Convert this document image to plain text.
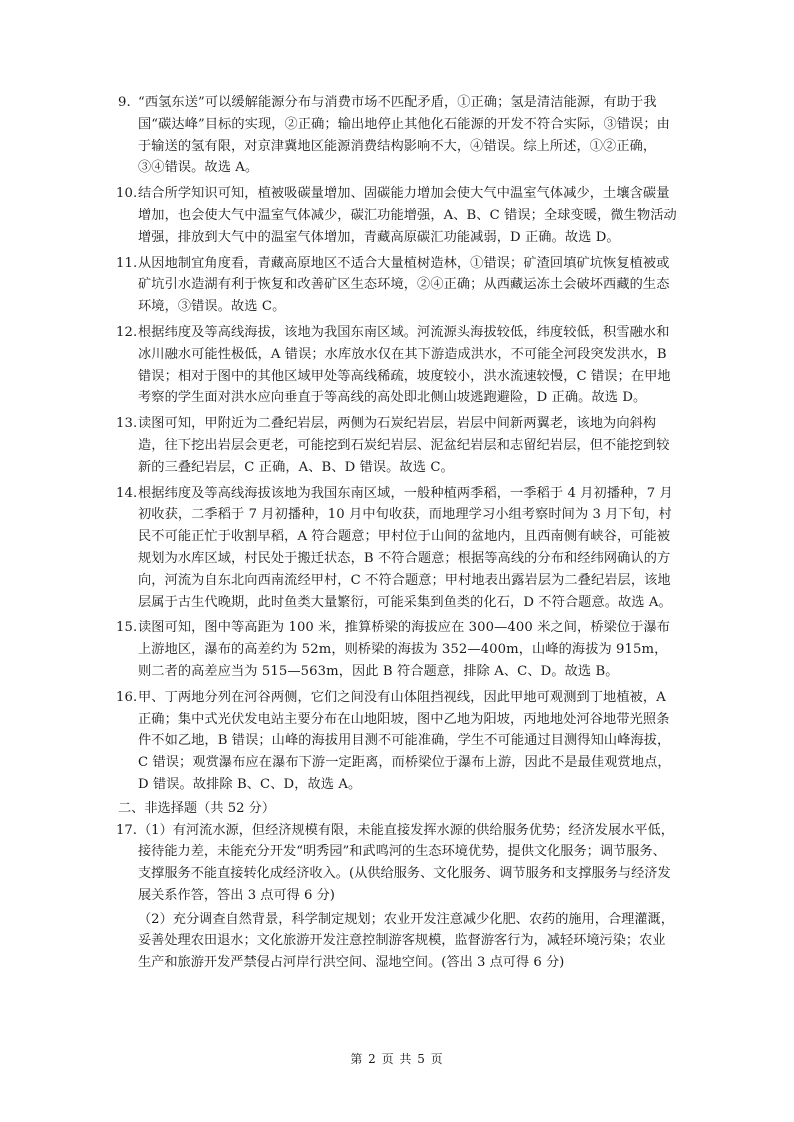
9. “西氢东送”可以缓解能源分布与消费市场不匹配矛盾，①正确；氢是清洁能源，有助于我国“碳达峰”目标的实现，②正确；输出地停止其他化石能源的开发不符合实际，③错误；由于输送的氢有限，对京津冀地区能源消费结构影响不大，④错误。综上所述，①②正确，③④错误。故选 A。
10. 结合所学知识可知，植被吸碳量增加、固碳能力增加会使大气中温室气体减少，土壤含碳量增加，也会使大气中温室气体减少，碳汇功能增强，A、B、C 错误；全球变暖，微生物活动增强，排放到大气中的温室气体增加，青藏高原碳汇功能减弱，D 正确。故选 D。
11. 从因地制宜角度看，青藏高原地区不适合大量植树造林，①错误；矿渣回填矿坑恢复植被或矿坑引水造湖有利于恢复和改善矿区生态环境，②④正确；从西藏运冻土会破坏西藏的生态环境，③错误。故选 C。
12. 根据纬度及等高线海拔，该地为我国东南区域。河流源头海拔较低，纬度较低，积雪融水和冰川融水可能性极低，A 错误；水库放水仅在其下游造成洪水，不可能全河段突发洪水，B 错误；相对于图中的其他区域甲处等高线稀疏，坡度较小，洪水流速较慢，C 错误；在甲地考察的学生面对洪水应向垂直于等高线的高处即北侧山坡逃跑避险，D 正确。故选 D。
13. 读图可知，甲附近为二叠纪岩层，两侧为石炭纪岩层，岩层中间新两翼老，该地为向斜构造，往下挖出岩层会更老，可能挖到石炭纪岩层、泥盆纪岩层和志留纪岩层，但不能挖到较新的三叠纪岩层，C 正确，A、B、D 错误。故选 C。
14. 根据纬度及等高线海拔该地为我国东南区域，一般种植两季稻，一季稻于 4 月初播种，7 月初收获，二季稻于 7 月初播种，10 月中旬收获，而地理学习小组考察时间为 3 月下旬，村民不可能正忙于收割早稻，A 符合题意；甲村位于山间的盆地内，且西南侧有峡谷，可能被规划为水库区域，村民处于搬迁状态，B 不符合题意；根据等高线的分布和经纬网确认的方向，河流为自东北向西南流经甲村，C 不符合题意；甲村地表出露岩层为二叠纪岩层，该地层属于古生代晚期，此时鱼类大量繁衍，可能采集到鱼类的化石，D 不符合题意。故选 A。
15. 读图可知，图中等高距为 100 米，推算桥梁的海拔应在 300—400 米之间，桥梁位于瀑布上游地区，瀑布的高差约为 52m，则桥梁的海拔为 352—400m，山峰的海拔为 915m，则二者的高差应当为 515—563m，因此 B 符合题意，排除 A、C、D。故选 B。
16. 甲、丁两地分列在河谷两侧，它们之间没有山体阻挡视线，因此甲地可观测到丁地植被，A 正确；集中式光伏发电站主要分布在山地阳坡，图中乙地为阳坡，丙地地处河谷地带光照条件不如乙地，B 错误；山峰的海拔用目测不可能准确，学生不可能通过目测得知山峰海拔，C 错误；观赏瀑布应在瀑布下游一定距离，而桥梁位于瀑布上游，因此不是最佳观赏地点，D 错误。故排除 B、C、D，故选 A。
二、非选择题（共 52 分）
17. （1）有河流水源，但经济规模有限，未能直接发挥水源的供给服务优势；经济发展水平低，接待能力差，未能充分开发“明秀园”和武鸣河的生态环境优势，提供文化服务；调节服务、支撑服务不能直接转化成经济收入。(从供给服务、文化服务、调节服务和支撑服务与经济发展关系作答，答出 3 点可得 6 分)
（2）充分调查自然背景，科学制定规划；农业开发注意减少化肥、农药的施用，合理灌溉，妥善处理农田退水；文化旅游开发注意控制游客规模，监督游客行为，减轻环境污染；农业生产和旅游开发严禁侵占河岸行洪空间、湿地空间。(答出 3 点可得 6 分)
第 2 页 共 5 页
